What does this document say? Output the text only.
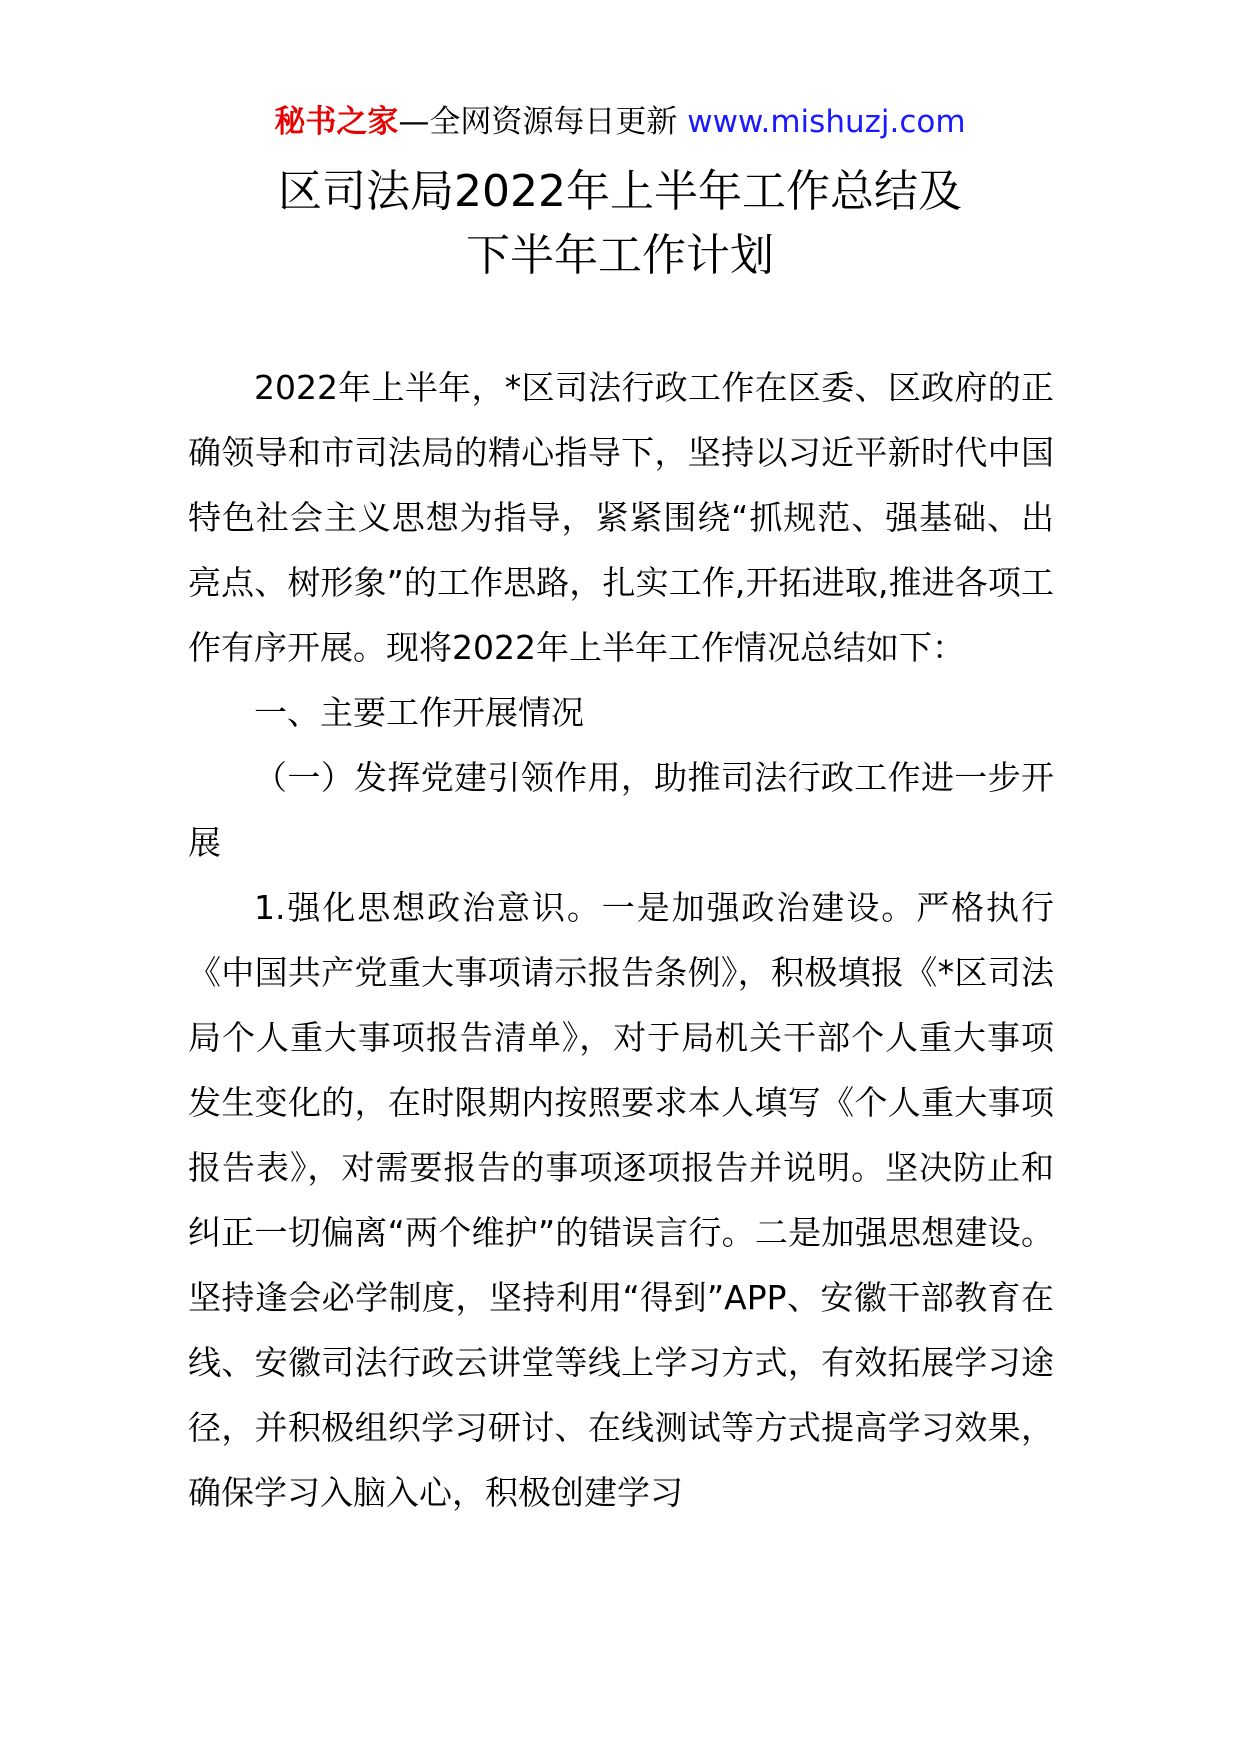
秘书之家—全网资源每日更新 www.mishuzj.com
区司法局2022年上半年工作总结及
下半年工作计划

2022年上半年，*区司法行政工作在区委、区政府的正确领导和市司法局的精心指导下，坚持以习近平新时代中国特色社会主义思想为指导，紧紧围绕“抓规范、强基础、出亮点、树形象”的工作思路，扎实工作,开拓进取,推进各项工作有序开展。现将2022年上半年工作情况总结如下：

一、主要工作开展情况

（一）发挥党建引领作用，助推司法行政工作进一步开展

1.强化思想政治意识。一是加强政治建设。严格执行《中国共产党重大事项请示报告条例》，积极填报《*区司法局个人重大事项报告清单》，对于局机关干部个人重大事项发生变化的，在时限期内按照要求本人填写《个人重大事项报告表》，对需要报告的事项逐项报告并说明。坚决防止和纠正一切偏离“两个维护”的错误言行。二是加强思想建设。坚持逢会必学制度，坚持利用“得到”APP、安徽干部教育在线、安徽司法行政云讲堂等线上学习方式，有效拓展学习途径，并积极组织学习研讨、在线测试等方式提高学习效果，确保学习入脑入心，积极创建学习
